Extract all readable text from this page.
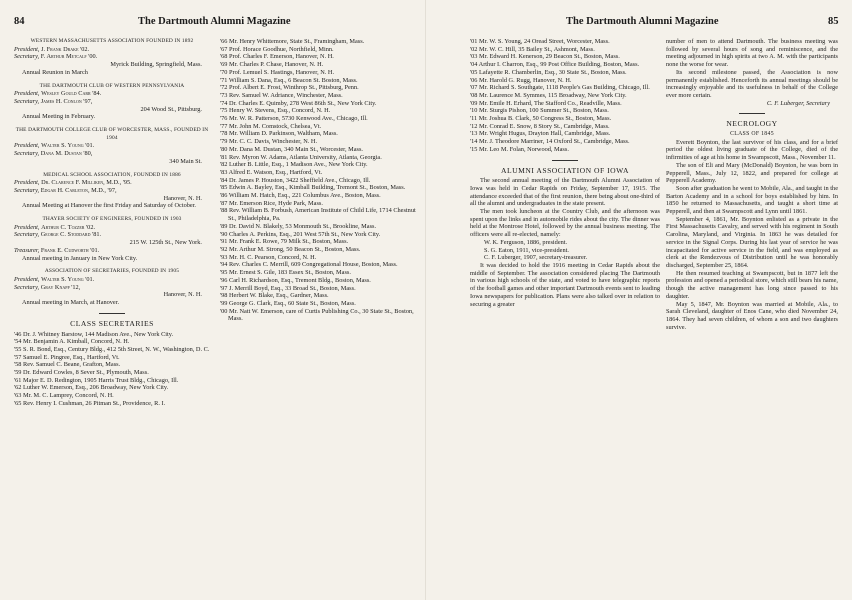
84	The Dartmouth Alumni Magazine

WESTERN MASSACHUSETTS ASSOCIATION FOUNDED IN 1892

President, J. Frank Drake '02.

Secretary, F. Arthur Metcalf '00.

Myrick Building, Springfield, Mass.

Annual Reunion in March

THE DARTMOUTH CLUB OF WESTERN PENNSYLVANIA

President, Wesley Gould Carr '84.

Secretary, James H. Conlon '97,

204 Wood St., Pittsburg.

Annual Meeting in February.

THE DARTMOUTH COLLEGE CLUB OF WORCESTER, MASS., FOUNDED IN 1904

President, Walter S. Young '01.

Secretary, Dana M. Dustan '80,

340 Main St.

MEDICAL SCHOOL ASSOCIATION, FOUNDED IN 1886

President, Dr. Clarence F. Milliken, M.D., '95.

Secretary, Edgar H. Carleton, M.D., '97,

Hanover, N. H.

Annual Meeting at Hanover the first Friday and Saturday of October.

THAYER SOCIETY OF ENGINEERS, FOUNDED IN 1903

President, Arthur C. Tozzer '02.

Secretary, George C. Stoddard '81.

215 W. 125th St., New York.

Treasurer, Frank E. Cudworth '01.

Annual meeting in January in New York City.

ASSOCIATION OF SECRETARIES, FOUNDED IN 1905

President, Walter S. Young '01.

Secretary, Gray Knapp '12,

Hanover, N. H.

Annual meeting in March, at Hanover.

CLASS SECRETARIES

'46 Dr. J. Whitney Barstow, 144 Madison Ave., New York City.

'54 Mr. Benjamin A. Kimball, Concord, N. H.

'55 S. R. Bond, Esq., Century Bldg., 412 5th Street, N. W., Washington, D. C.

'57 Samuel E. Pingree, Esq., Hartford, Vt.

'58 Rev. Samuel C. Beane, Grafton, Mass.

'59 Dr. Edward Cowles, 8 Sever St., Plymouth, Mass.

'61 Major E. D. Redington, 1905 Harris Trust Bldg., Chicago, Ill.

'62 Luther W. Emerson, Esq., 206 Broadway, New York City.

'63 Mr. M. C. Lamprey, Concord, N. H.

'65 Rev. Henry I. Cushman, 26 Pitman St., Providence, R. I.

'66 Mr. Henry Whittemore, State St., Framingham, Mass.

'67 Prof. Horace Goodhue, Northfield, Minn.

'68 Prof. Charles F. Emerson, Hanover, N. H.

'69 Mr. Charles P. Chase, Hanover, N. H.

'70 Prof. Lemuel S. Hastings, Hanover, N. H.

'71 William S. Dana, Esq., 6 Beacon St. Boston, Mass.

'72 Prof. Albert E. Frost, Winthrop St., Pittsburg, Penn.

'73 Rev. Samuel W. Adriance, Winchester, Mass.

'74 Dr. Charles E. Quimby, 278 West 86th St., New York City.

'75 Henry W. Stevens, Esq., Concord, N. H.

'76 Mr. W. R. Patterson, 5730 Kenwood Ave., Chicago, Ill.

'77 Mr. John M. Comstock, Chelsea, Vt.

'78 Mr. William D. Parkinson, Waltham, Mass.

'79 Mr. C. C. Davis, Winchester, N. H.

'80 Mr. Dana M. Dustan, 340 Main St., Worcester, Mass.

'81 Rev. Myron W. Adams, Atlanta University, Atlanta, Georgia.

'82 Luther B. Little, Esq., 1 Madison Ave., New York City.

'83 Alfred E. Watson, Esq., Hartford, Vt.

'84 Dr. James P. Houston, 3422 Sheffield Ave., Chicago, Ill.

'85 Edwin A. Bayley, Esq., Kimball Building, Tremont St., Boston, Mass.

'86 William M. Hatch, Esq., 221 Columbus Ave., Boston, Mass.

'87 Mr. Emerson Rice, Hyde Park, Mass.

'88 Rev. William B. Forbush, American Institute of Child Life, 1714 Chestnut St., Philadelphia, Pa.

'89 Dr. David N. Blakely, 53 Monmouth St., Brookline, Mass.

'90 Charles A. Perkins, Esq., 201 West 57th St., New York City.

'91 Mr. Frank E. Rowe, 79 Milk St., Boston, Mass.

'92 Mr. Arthur M. Strong, 50 Beacon St., Boston, Mass.

'93 Mr. H. C. Pearson, Concord, N. H.

'94 Rev. Charles C. Merrill, 609 Congregational House, Boston, Mass.

'95 Mr. Ernest S. Gile, 183 Essex St., Boston, Mass.

'96 Carl H. Richardson, Esq., Tremont Bldg., Boston, Mass.

'97 J. Merrill Boyd, Esq., 33 Broad St., Boston, Mass.

'98 Herbert W. Blake, Esq., Gardner, Mass.

'99 George G. Clark, Esq., 60 State St., Boston, Mass.

'00 Mr. Natt W. Emerson, care of Curtis Publishing Co., 30 State St., Boston, Mass.

The Dartmouth Alumni Magazine	85

'01 Mr. W. S. Young, 24 Oread Street, Worcester, Mass.

'02 Mr. W. C. Hill, 35 Bailey St., Ashmont, Mass.

'03 Mr. Edward H. Kenerson, 29 Beacon St., Boston, Mass.

'04 Arthur I. Charron, Esq., 99 Post Office Building, Boston, Mass.

'05 Lafayette R. Chamberlin, Esq., 30 State St., Boston, Mass.

'06 Mr. Harold G. Rugg, Hanover, N. H.

'07 Mr. Richard S. Southgate, 1118 People's Gas Building, Chicago, Ill.

'08 Mr. Laurence M. Symmes, 115 Broadway, New York City.

'09 Mr. Emile H. Erhard, The Stafford Co., Readville, Mass.

'10 Mr. Sturgis Pishon, 100 Summer St., Boston, Mass.

'11 Mr. Joshua B. Clark, 50 Congress St., Boston, Mass.

'12 Mr. Conrad E. Snow, 8 Story St., Cambridge, Mass.

'13 Mr. Wright Hugus, Drayton Hall, Cambridge, Mass.

'14 Mr. J. Theodore Marriner, 14 Oxford St., Cambridge, Mass.

'15 Mr. Leo M. Folan, Norwood, Mass.

ALUMNI ASSOCIATION OF IOWA

The second annual meeting of the Dartmouth Alumni Association of Iowa was held in Cedar Rapids on Friday, September 17, 1915. The attendance exceeded that of the first reunion, there being about one-third of all the alumni and undergraduates in the state present.

The men took luncheon at the Country Club, and the afternoon was spent upon the links and in automobile rides about the city. The dinner was held at the Montrose Hotel, followed by the annual business meeting. The officers were all re-elected, namely:

W. K. Ferguson, 1886, president.

S. G. Eaton, 1911, vice-president.

C. F. Luberger, 1907, secretary-treasurer.

It was decided to hold the 1916 meeting in Cedar Rapids about the middle of September. The association considered placing The Dartmouth in various high schools of the state, and voted to have telegraphic reports of the football games and other important Dartmouth events sent to leading Iowa newspapers for publication. Plans were also talked over in relation to securing a greater

number of men to attend Dartmouth. The business meeting was followed by several hours of song and reminiscence, and the meeting adjourned in high spirits at two A. M. with the participants none the worse for wear.

Its second milestone passed, the Association is now permanently established. Henceforth its annual meetings should be increasingly enjoyable and its usefulness in behalf of the College ever more certain.

C. F. Luberger, Secretary

NECROLOGY
CLASS OF 1845

Everett Boynton, the last survivor of his class, and for a brief period the oldest living graduate of the College, died of the infirmities of age at his home in Swampscott, Mass., November 11.

The son of Eli and Mary (McDonald) Boynton, he was born in Pepperell, Mass., July 12, 1822, and prepared for college at Pepperell Academy.

Soon after graduation he went to Mobile, Ala., and taught in the Barton Academy and in a school for boys established by him. In 1850 he returned to Massachusetts, and taught a short time at Pepperell, and then at Swampscott and Lynn until 1861.

September 4, 1861, Mr. Boynton enlisted as a private in the First Massachusetts Cavalry, and served with his regiment in South Carolina, Maryland, and Virginia. In 1863 he was detailed for service in the Signal Corps. During his last year of service he was incapacitated for active service in the field, and was employed as clerk at the Rendezvous of Distribution until he was honorably discharged, September 25, 1864.

He then resumed teaching at Swampscott, but in 1877 left the profession and opened a periodical store, which still bears his name, though the active management has long since passed to his daughter.

May 5, 1847, Mr. Boynton was married at Mobile, Ala., to Sarah Cleveland, daughter of Enos Cane, who died November 24, 1864. They had seven children, of whom a son and two daughters survive.
